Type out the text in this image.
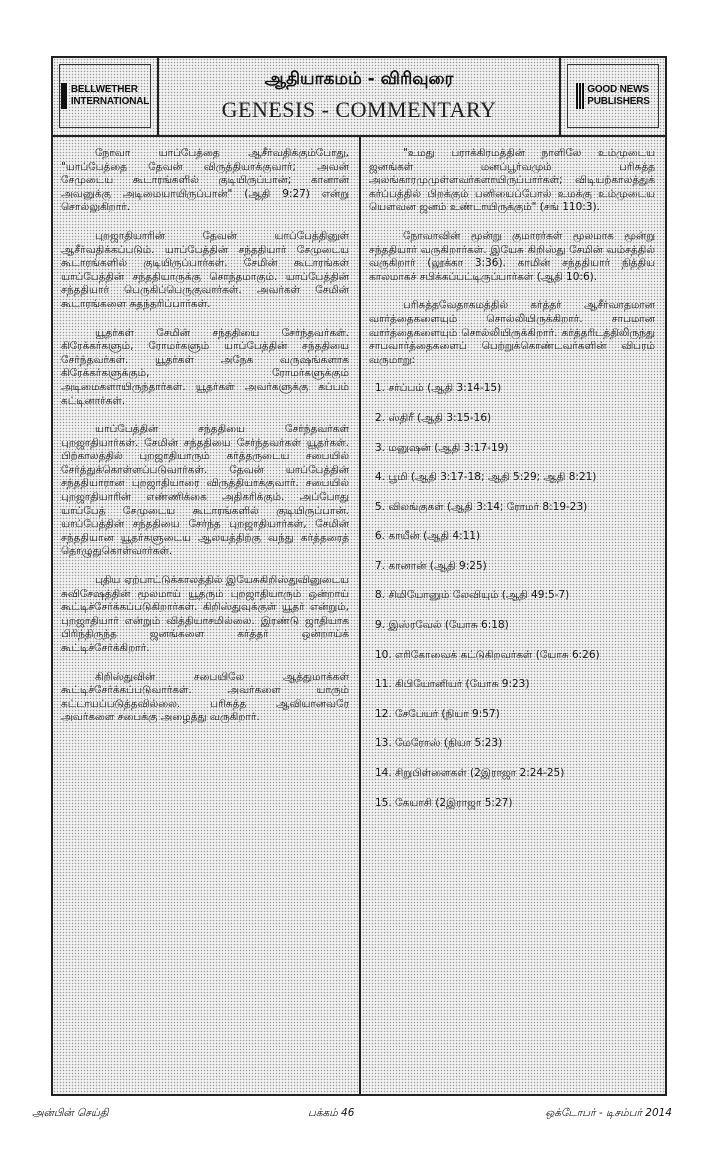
BELLWETHER
INTERNATIONAL
ஆதியாகமம் - விரிவுரை
GENESIS - COMMENTARY
GOOD NEWS
PUBLISHERS

நோவா யாப்பேத்தை ஆசீர்வதிக்கும்போது, "யாப்பேத்தை தேவன் விருத்தியாக்குவார்; அவன் சேமுடைய கூடாரங்களில் குடியிருப்பான்; கானான் அவனுக்கு அடிமையாயிருப்பான்" (ஆதி 9:27) என்று சொல்லுகிறார்.

புறஜாதியாரின் தேவன் யாப்பேத்தினுள் ஆசீர்வதிக்கப்படும். யாப்பேத்தின் சந்ததியார் சேமுடைய கூடாரங்களில் குடியிருப்பார்கள். சேமின் கூடாரங்கள் யாப்பேத்தின் சந்ததியாருக்கு சொந்தமாகும். யாப்பேத்தின் சந்ததியார் பெருகிப்பெருகுவார்கள். அவர்கள் சேமின் கூடாரங்களை சுதந்தரிப்பார்கள்.

யூதர்கள் சேமின் சந்ததியை சேர்ந்தவர்கள். கிரேக்கர்களும், ரோமர்களும் யாப்பேத்தின் சந்ததியை சேர்ந்தவர்கள். யூதர்கள் அநேக வருஷங்களாக கிரேக்கர்களுக்கும், ரோமர்களுக்கும் அடிமைகளாயிருந்தார்கள். யூதர்கள் அவர்களுக்கு கப்பம் கட்டினார்கள்.

யாப்பேத்தின் சந்ததியை சேர்ந்தவர்கள் புறஜாதியார்கள். சேமின் சந்ததியை சேர்ந்தவர்கள் யூதர்கள். பிற்காலத்தில் புறஜாதியாரும் கர்த்தருடைய சபையில் சேர்த்துக்கொள்ளப்படுவார்கள். தேவன் யாப்பேத்தின் சந்ததியாரான புறஜாதியாரை விருத்தியாக்குவார். சபையில் புறஜாதியாரின் எண்ணிக்கை அதிகரிக்கும். அப்போது யாப்பேத் சேமுடைய கூடாரங்களில் குடியிருப்பான். யாப்பேத்தின் சந்ததியை சேர்ந்த புறஜாதியார்கள், சேமின் சந்ததியான யூதர்களுடைய ஆலயத்திற்கு வந்து கர்த்தரைத் தொழுதுகொள்வார்கள்.

புதிய ஏற்பாட்டுக்காலத்தில் இயேசுகிறிஸ்துவினுடைய சுவிசேஷத்தின் மூலமாய் யூதரும் புறஜாதியாரும் ஒன்றாய் கூட்டிச்சேர்க்கப்படுகிறார்கள். கிறிஸ்துவுக்குள் யூதர் என்றும், புறஜாதியார் என்றும் வித்தியாசமில்லை. இரண்டு ஜாதியாக பிரிந்திருந்த ஜனங்களை கர்த்தர் ஒன்றாய்க் கூட்டிச்சேர்க்கிறார்.

கிறிஸ்துவின் சபையிலே ஆத்துமாக்கள் கூட்டிச்சேர்க்கப்படுவார்கள். அவர்களை யாரும் கட்டாயப்படுத்தவில்லை. பரிசுத்த ஆவியானவரே அவர்களை சபைக்கு அழைத்து வருகிறார்.

"உமது பராக்கிரமத்தின் நாளிலே உம்முடைய ஜனங்கள் மனப்பூர்வமும் பரிசுத்த அலங்காரமுமுள்ளவர்களாயிருப்பார்கள்; விடியற்காலத்துக் கர்ப்பத்தில் பிறக்கும் பனியைப்போல் உமக்கு உம்முடைய யௌவன ஜனம் உண்டாயிருக்கும்" (சங் 110:3).

நோவாவின் மூன்று குமாரர்கள் மூலமாக மூன்று சந்ததியார் வருகிறார்கள். இயேசு கிறிஸ்து சேமின் வம்சத்தில் வருகிறார் (லூக்கா 3:36). காமின் சந்ததியார் நித்திய காலமாகச் சபிக்கப்பட்டிருப்பார்கள் (ஆதி 10:6).

பரிசுத்தவேதாகமத்தில் கர்த்தர் ஆசீர்வாதமான வார்த்தைகளையும் சொல்லியிருக்கிறார். சாபமான வார்த்தைகளையும் சொல்லியிருக்கிறார். கர்த்தரிடத்திலிருந்து சாபவார்த்தைகளைப் பெற்றுக்கொண்டவர்களின் விபரம் வருமாறு:

1. சர்ப்பம் (ஆதி 3:14-15)
2. ஸ்திரீ (ஆதி 3:15-16)
3. மனுஷன் (ஆதி 3:17-19)
4. பூமி (ஆதி 3:17-18; ஆதி 5:29; ஆதி 8:21)
5. விலங்குகள் (ஆதி 3:14; ரோமர் 8:19-23)
6. காயீன் (ஆதி 4:11)
7. கானான் (ஆதி 9:25)
8. சிமியோனும் லேவியும் (ஆதி 49:5-7)
9. இஸ்ரவேல் (யோசு 6:18)
10. எரிகோவைக் கட்டுகிறவர்கள் (யோசு 6:26)
11. கிபியோனியர் (யோசு 9:23)
12. சேபேயர் (நியா 9:57)
13. மேரோஸ் (நியா 5:23)
14. சிறுபிள்ளைகள் (2இராஜா 2:24-25)
15. கேயாசி (2இராஜா 5:27)
அன்பின் செய்தி	பக்கம் 46	ஒக்டோபர் - டிசம்பர் 2014
